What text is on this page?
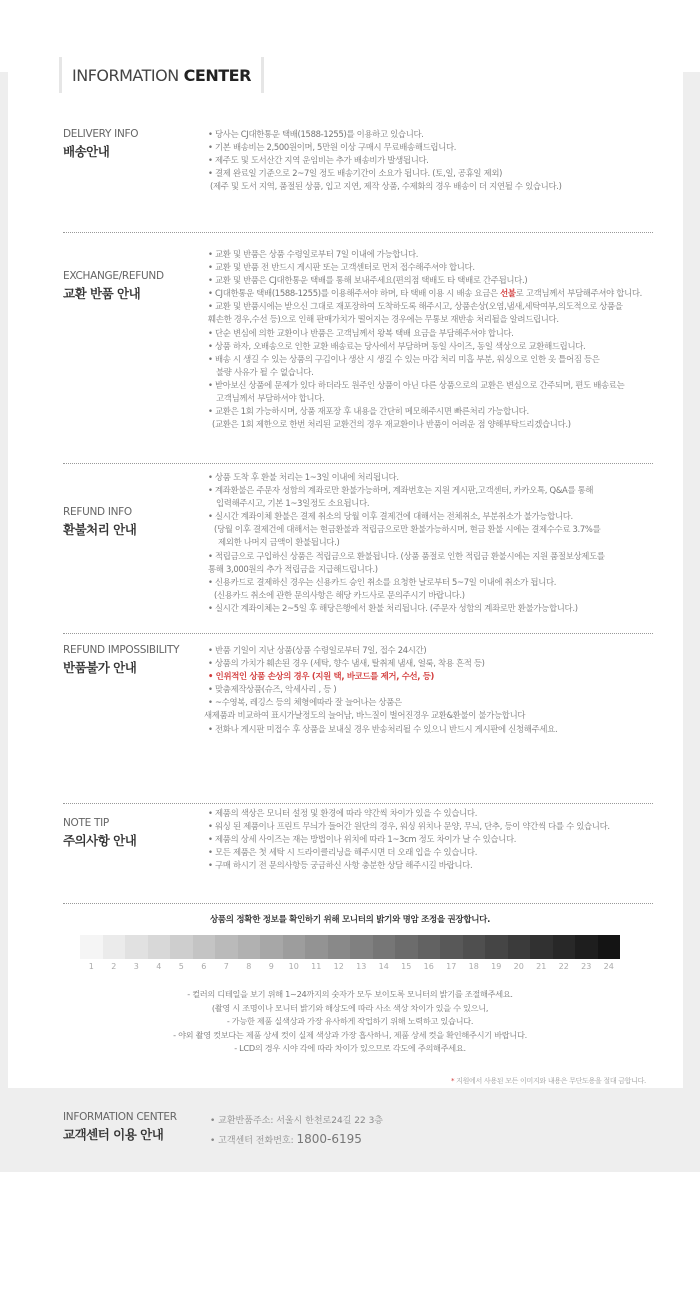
INFORMATION CENTER
DELIVERY INFO
배송안내
• 당사는 CJ대한통운 택배(1588-1255)를 이용하고 있습니다.
• 기본 배송비는 2,500원이며, 5만원 이상 구매시 무료배송해드립니다.
• 제주도 및 도서산간 지역 운임비는 추가 배송비가 발생됩니다.
• 결제 완료일 기준으로 2~7일 정도 배송기간이 소요가 됩니다. (토,일, 공휴일 제외)
(제주 및 도서 지역, 품절된 상품, 입고 지연, 제작 상품, 수제화의 경우 배송이 더 지연될 수 있습니다.)
EXCHANGE/REFUND
교환 반품 안내
• 교환 및 반품은 상품 수령일로부터 7일 이내에 가능합니다.
• 교환 및 반품 전 반드시 게시판 또는 고객센터로 먼저 접수해주셔야 합니다.
• 교환 및 반품은 CJ대한통운 택배를 통해 보내주세요(편의점 택배도 타 택배로 간주됩니다.)
• CJ대한통운 택배(1588-1255)를 이용해주셔야 하며, 타 택배 이용 시 배송 요금은 선불로 고객님께서 부담해주셔야 합니다.
• 교환 및 반품시에는 받으신 그대로 재포장하여 도착하도록 해주시고, 상품손상(오염,냄새,세탁여부,의도적으로 상품을
훼손한 경우,수선 등)으로 인해 판매가치가 떨어지는 경우에는 무통보 재반송 처리될을 알려드립니다.
• 단순 변심에 의한 교환이나 반품은 고객님께서 왕복 택배 요금을 부담해주셔야 합니다.
• 상품 하자, 오배송으로 인한 교환 배송료는 당사에서 부담하며 동일 사이즈, 동일 색상으로 교환해드립니다.
• 배송 시 생길 수 있는 상품의 구김이나 생산 시 생길 수 있는 마감 처리 미흡 부분, 워싱으로 인한 옷 틀어짐 등은
불량 사유가 될 수 없습니다.
• 받아보신 상품에 문제가 있다 하더라도 원주인 상품이 아닌 다른 상품으로의 교환은 변심으로 간주되며, 편도 배송료는
고객님께서 부담하셔야 합니다.
• 교환은 1회 가능하시며, 상품 재포장 후 내용을 간단히 메모해주시면 빠른처리 가능합니다.
(교환은 1회 제한으로 한번 처리된 교환건의 경우 재교환이나 반품이 어려운 점 양해부탁드리겠습니다.)
REFUND INFO
환불처리 안내
• 상품 도착 후 환불 처리는 1~3일 이내에 처리됩니다.
• 계좌환불은 주문자 성함의 계좌로만 환불가능하며, 계좌번호는 지원 게시판,고객센터, 카카오톡, Q&A를 통해
입력해주시고, 기본 1~3일정도 소요됩니다.
• 실시간 계좌이체 환불은 결제 취소의 당월 이후 결제건에 대해서는 전체취소, 부분취소가 불가능합니다.
(당월 이후 결제건에 대해서는 현금환불과 적립금으로만 환불가능하시며, 현금 환불 시에는 결제수수료 3.7%를
제외한 나머지 금액이 환불됩니다.)
• 적립금으로 구입하신 상품은 적립금으로 환불됩니다. (상품 품절로 인한 적립금 환불시에는 지원 품절보상제도를
통해 3,000원의 추가 적립금을 지급해드립니다.)
• 신용카드로 결제하신 경우는 신용카드 승인 취소를 요청한 날로부터 5~7일 이내에 취소가 됩니다.
(신용카드 취소에 관한 문의사항은 해당 카드사로 문의주시기 바랍니다.)
• 실시간 계좌이체는 2~5일 후 해당은행에서 환불 처리됩니다. (주문자 성함의 계좌로만 환불가능합니다.)
REFUND IMPOSSIBILITY
반품불가 안내
• 반품 기일이 지난 상품(상품 수령일로부터 7일, 접수 24시간)
• 상품의 가치가 훼손된 경우 (세탁, 향수 냄새, 탈취제 냄새, 얼룩, 착용 흔적 등)
• 인위적인 상품 손상의 경우 (지원 택, 바코드를 제거, 수선, 등)
• 맞춤제작상품(슈즈, 악세사리 , 등 )
• ~수영복, 레깅스 등의 체형에따라 잘 늘어나는 상품은
새제품과 비교하여 표시가날정도의 늘어남, 바느질이 벌어진경우 교환&환불이 불가능합니다
• 전화나 게시판 미접수 후 상품을 보내실 경우 반송처리될 수 있으니 반드시 게시판에 신청해주세요.
NOTE TIP
주의사항 안내
• 제품의 색상은 모니터 설정 및 환경에 따라 약간씩 차이가 있을 수 있습니다.
• 워싱 된 제품이나 프린트 무늬가 들어간 원단의 경우, 워싱 위치나 문양, 무늬, 단추, 등이 약간씩 다를 수 있습니다.
• 제품의 상세 사이즈는 재는 방법이나 위치에 따라 1~3cm 정도 차이가 날 수 있습니다.
• 모든 제품은 첫 세탁 시 드라이클리닝을 해주시면 더 오래 입을 수 있습니다.
• 구매 하시기 전 문의사항등 궁금하신 사항 충분한 상담 해주시길 바랍니다.
상품의 정확한 정보를 확인하기 위해 모니터의 밝기와 명암 조정을 권장합니다.
1	2	3	4	5	6	7	8	9	10	11	12	13	14	15	16	17	18	19	20	21	22	23	24
- 컬러의 디테일을 보기 위해 1~24까지의 숫자가 모두 보이도록 모니터의 밝기를 조절해주세요.
(촬영 시 조명이나 모니터 밝기와 해상도에 따라 사소 색상 차이가 있을 수 있으니,
- 가능한 제품 실색상과 가장 유사하게 작업하기 위해 노력하고 있습니다.
- 야외 촬영 컷보다는 제품 상세 컷이 실제 색상과 가장 흡사하니, 제품 상세 컷을 확인해주시기 바랍니다.
- LCD의 경우 시야 각에 따라 차이가 있으므로 각도에 주의해주세요.
* 지원에서 사용된 모든 이미지와 내용은 무단도용을 절대 금합니다.
INFORMATION CENTER
교객센터 이용 안내
• 교환반품주소: 서울시 한천로24길 22 3층
• 고객센터 전화번호: 1800-6195
